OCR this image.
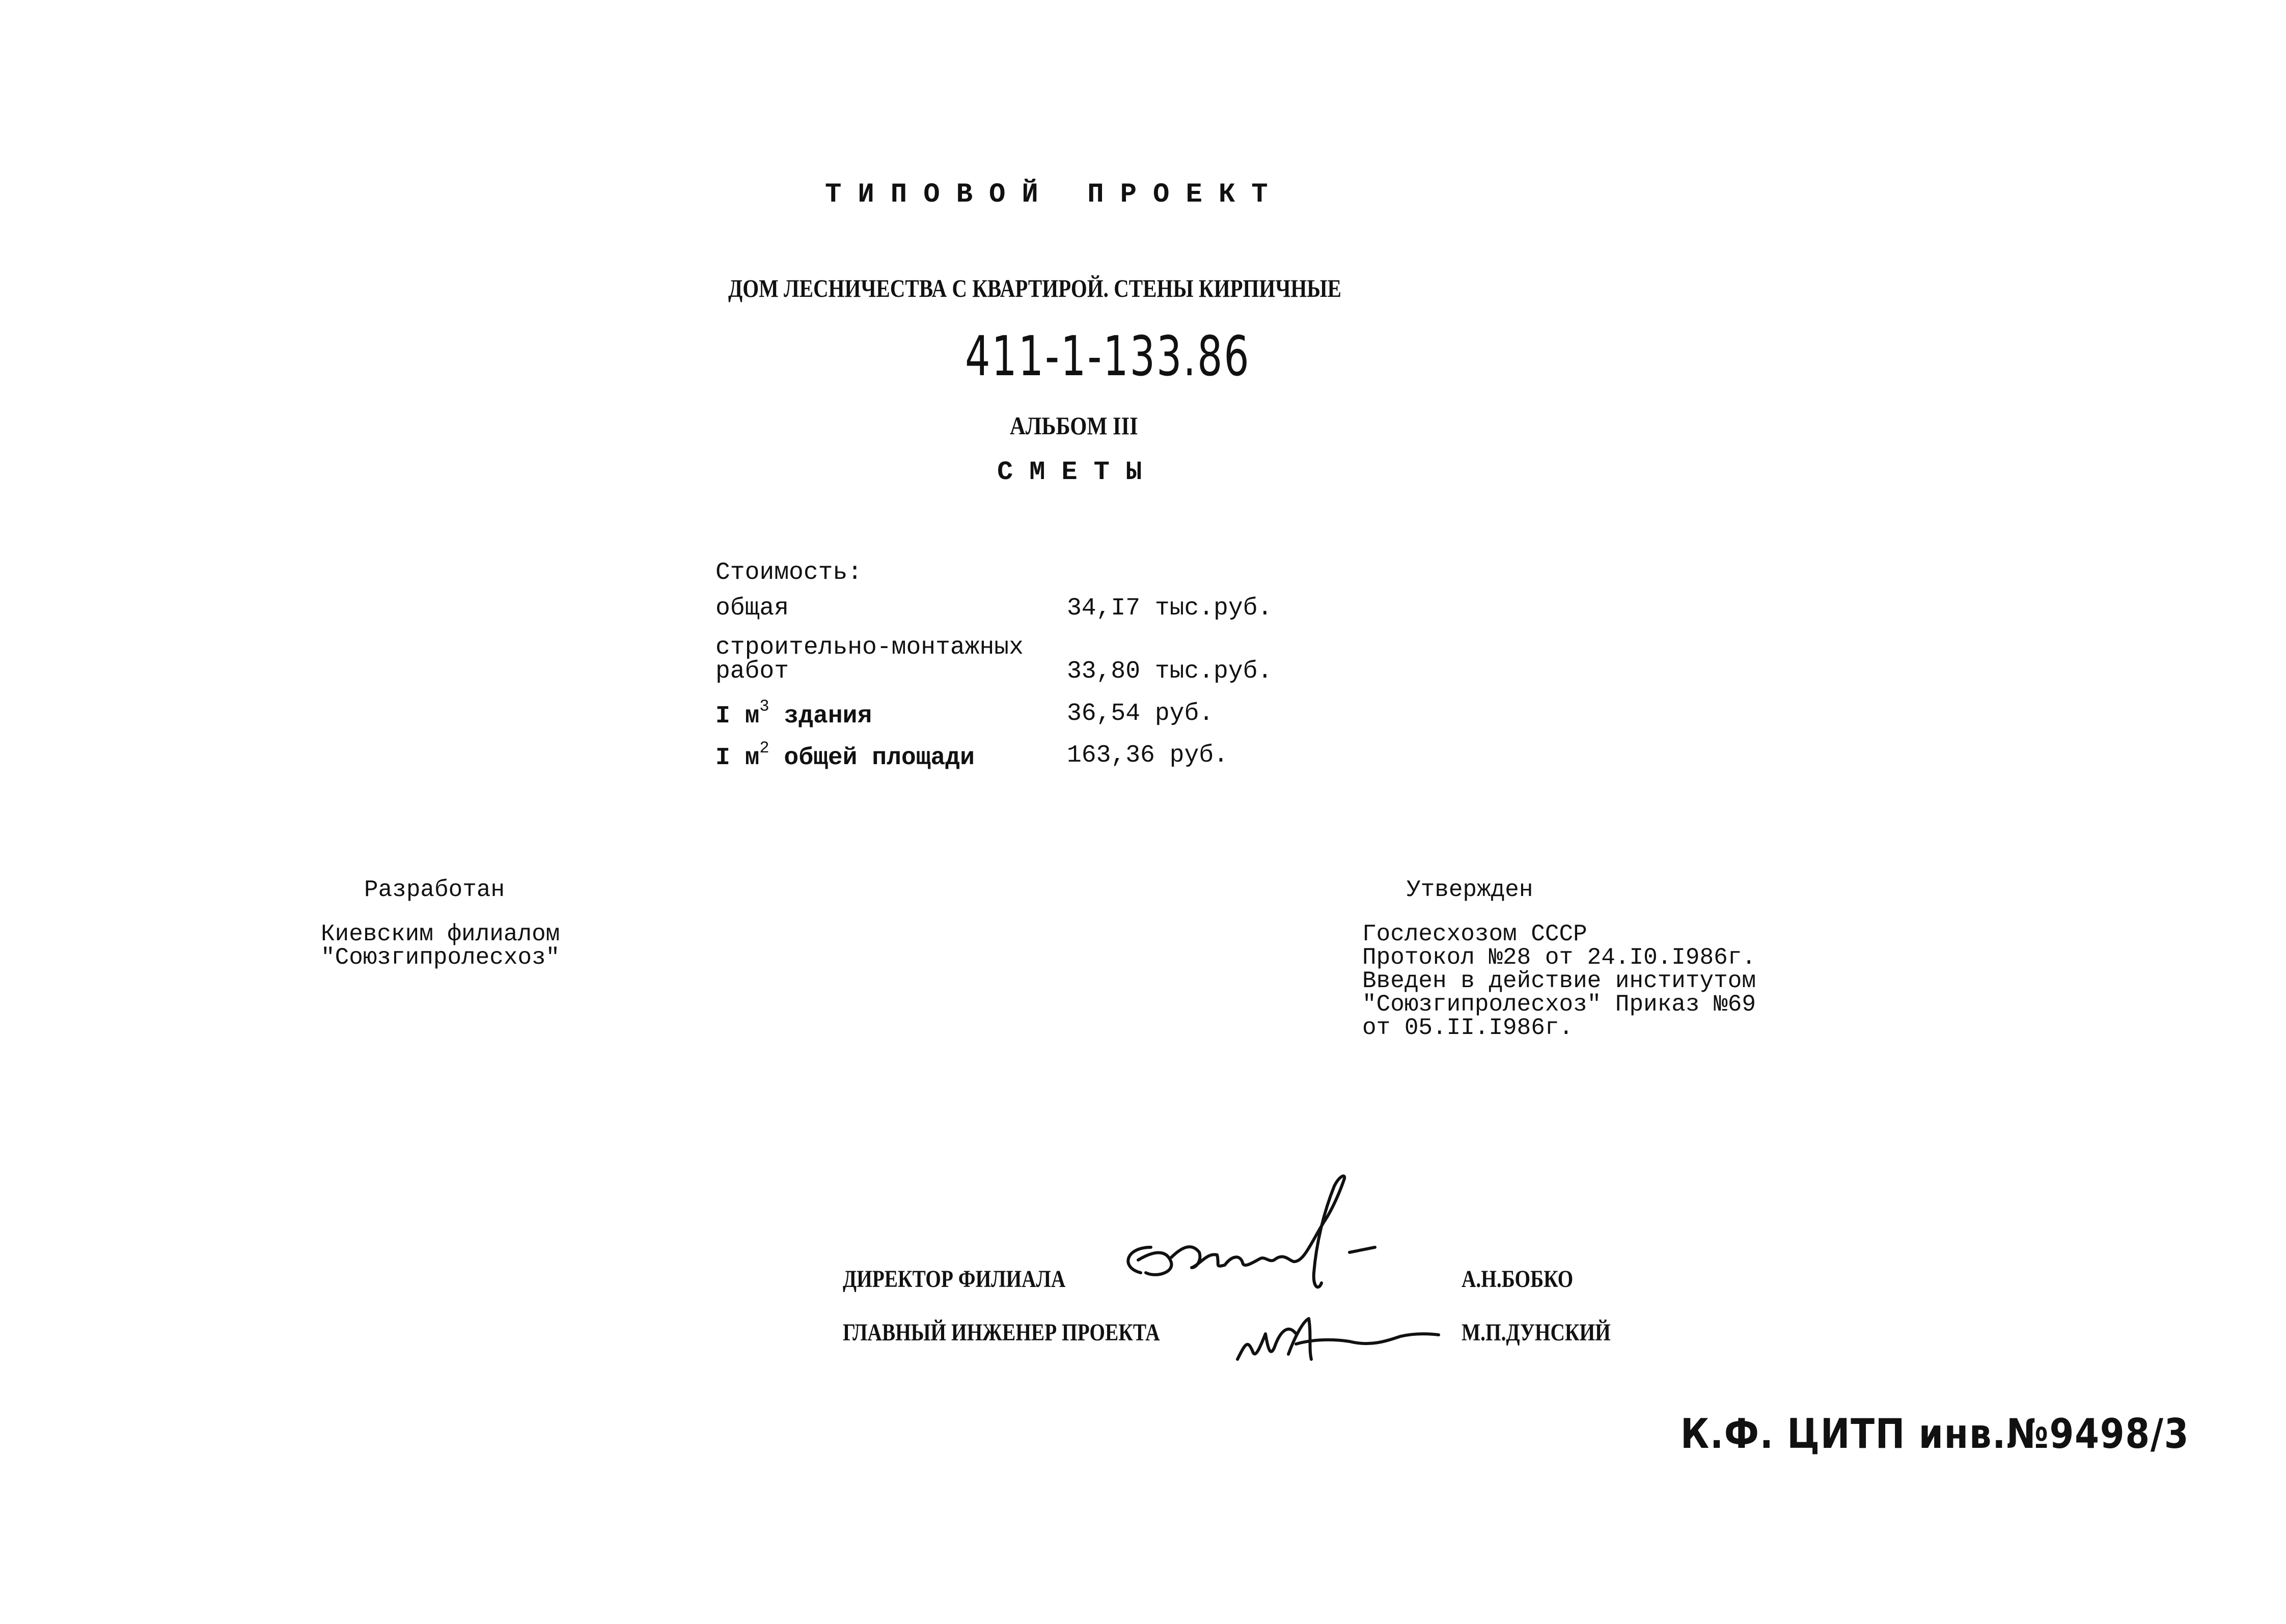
ТИПОВОЙ ПРОЕКТ
ДОМ ЛЕСНИЧЕСТВА С КВАРТИРОЙ. СТЕНЫ КИРПИЧНЫЕ
411-1-133.86
АЛЬБОМ III
СМЕТЫ
Стоимость:
общая	34,I7 тыс.руб.
строительно-монтажных
работ	33,80 тыс.руб.
I $м^3$ здания	36,54 руб.
I $м^2$ общей площади	163,36 руб.
Разработан
Киевским филиалом
"Союзгипролесхоз"
Утвержден
Гослесхозом СССР
Протокол №28 от 24.I0.I986г.
Введен в действие институтом
"Союзгипролесхоз" Приказ №69
от 05.II.I986г.
ДИРЕКТОР ФИЛИАЛА	А.Н.БОБКО
ГЛАВНЫЙ ИНЖЕНЕР ПРОЕКТА	М.П.ДУНСКИЙ
К.Ф. ЦИТП инв.№9498/3
